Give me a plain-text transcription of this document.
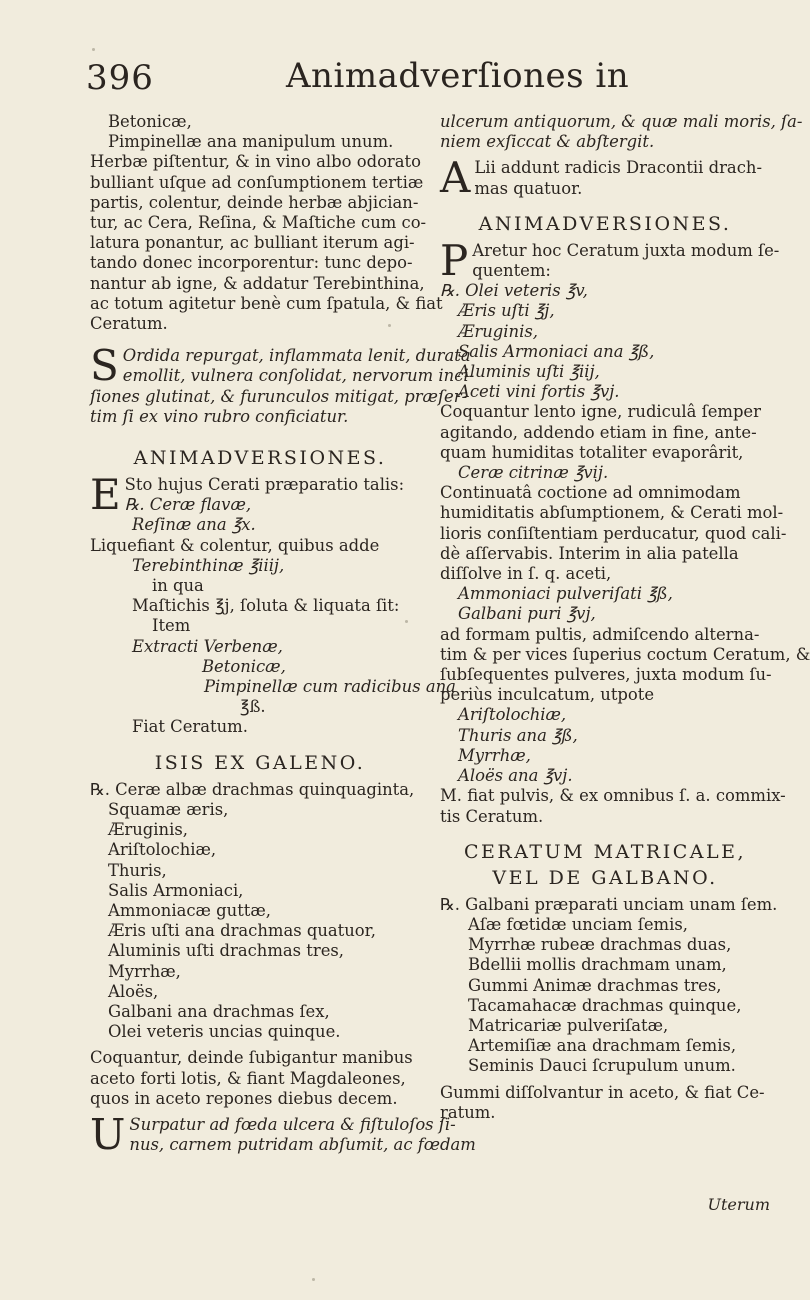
396	Animadverſiones in
Betonicæ,
Pimpinellæ ana manipulum unum.
Herbæ piſtentur, & in vino albo odorato
bulliant uſque ad conſumptionem tertiæ
partis, colentur, deinde herbæ abjician-
tur, ac Cera, Reſina, & Maſtiche cum co-
latura ponantur, ac bulliant iterum agi-
tando donec incorporentur: tunc depo-
nantur ab igne, & addatur Terebinthina,
ac totum agitetur benè cum ſpatula, & fiat
Ceratum.
S Ordida repurgat, inflammata lenit, durata
emollit, vulnera conſolidat, nervorum inci-
ſiones glutinat, & furunculos mitigat, præſer-
tim ſi ex vino rubro conficiatur.
ANIMADVERSIONES.
E Sto hujus Cerati præparatio talis:
℞. Ceræ flavæ,
Reſinæ ana ℥x.
Liquefiant & colentur, quibus adde
Terebinthinæ ℥iiij,
in qua
Maſtichis ℥j, ſoluta & liquata ſit:
Item
Extracti Verbenæ,
Betonicæ,
Pimpinellæ cum radicibus ana
℥ß.
Fiat Ceratum.
ISIS EX GALENO.
℞. Ceræ albæ drachmas quinquaginta,
Squamæ æris,
Æruginis,
Ariſtolochiæ,
Thuris,
Salis Armoniaci,
Ammoniacæ guttæ,
Æris uſti ana drachmas quatuor,
Aluminis uſti drachmas tres,
Myrrhæ,
Aloës,
Galbani ana drachmas ſex,
Olei veteris uncias quinque.
Coquantur, deinde ſubigantur manibus
aceto forti lotis, & fiant Magdaleones,
quos in aceto repones diebus decem.
U Surpatur ad fœda ulcera & fiſtuloſos ſi-
nus, carnem putridam abſumit, ac fœdam
ulcerum antiquorum, & quæ mali moris, ſa-
niem exſiccat & abſtergit.
A Lii addunt radicis Dracontii drach-
mas quatuor.
ANIMADVERSIONES.
P Aretur hoc Ceratum juxta modum ſe-
quentem:
℞. Olei veteris ℥v,
Æris uſti ℥j,
Æruginis,
Salis Armoniaci ana ℥ß,
Aluminis uſti ℥iij,
Aceti vini fortis ℥vj.
Coquantur lento igne, rudiculâ ſemper
agitando, addendo etiam in fine, ante-
quam humiditas totaliter evaporârit,
Ceræ citrinæ ℥vij.
Continuatâ coctione ad omnimodam
humiditatis abſumptionem, & Cerati mol-
lioris conſiſtentiam perducatur, quod cali-
dè aſſervabis. Interim in alia patella
diſſolve in ſ. q. aceti,
Ammoniaci pulveriſati ℥ß,
Galbani puri ℥vj,
ad formam pultis, admiſcendo alterna-
tim & per vices ſuperius coctum Ceratum, &
ſubſequentes pulveres, juxta modum ſu-
periùs inculcatum, utpote
Ariſtolochiæ,
Thuris ana ℥ß,
Myrrhæ,
Aloës ana ℥vj.
M. fiat pulvis, & ex omnibus ſ. a. commix-
tis Ceratum.
CERATUM MATRICALE,
VEL DE GALBANO.
℞. Galbani præparati unciam unam ſem.
Aſæ fœtidæ unciam ſemis,
Myrrhæ rubeæ drachmas duas,
Bdellii mollis drachmam unam,
Gummi Animæ drachmas tres,
Tacamahacæ drachmas quinque,
Matricariæ pulveriſatæ,
Artemiſiæ ana drachmam ſemis,
Seminis Dauci ſcrupulum unum.
Gummi diſſolvantur in aceto, & fiat Ce-
ratum.
Uterum
